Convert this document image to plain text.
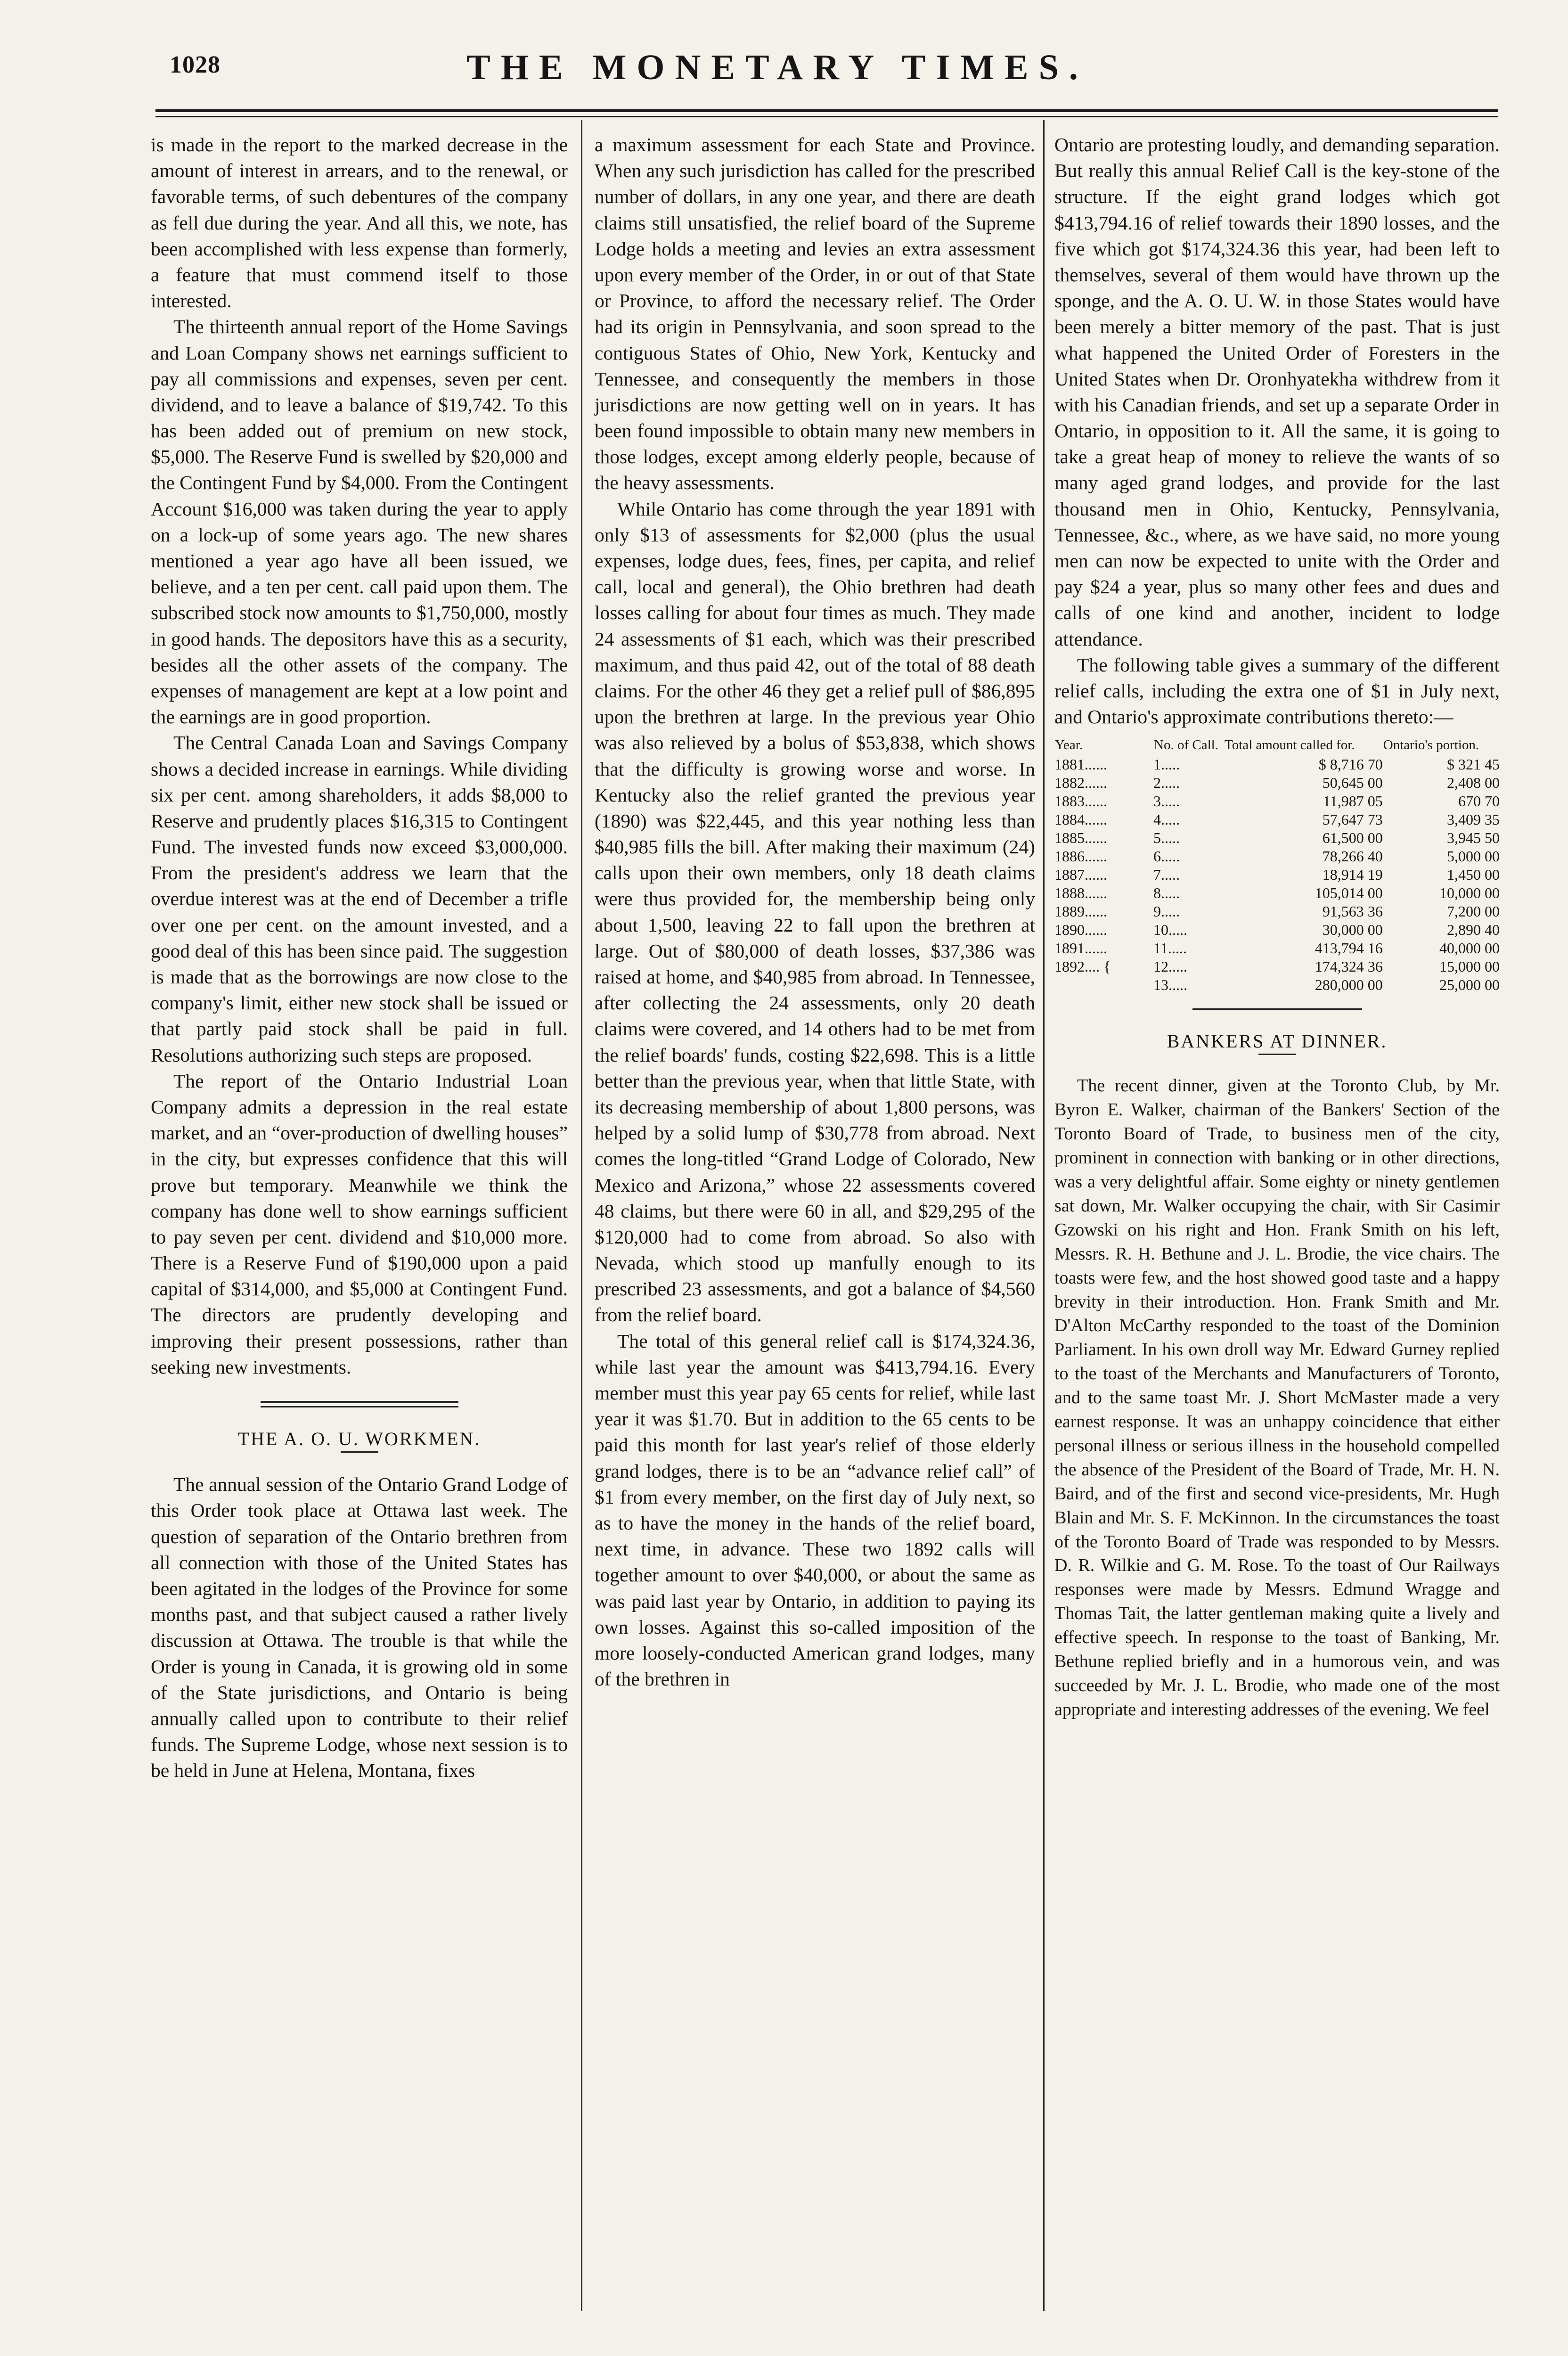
1028	THE MONETARY TIMES.

is made in the report to the marked decrease in the amount of interest in arrears, and to the renewal, or favorable terms, of such debentures of the company as fell due during the year. And all this, we note, has been accomplished with less expense than formerly, a feature that must commend itself to those interested.

The thirteenth annual report of the Home Savings and Loan Company shows net earnings sufficient to pay all commissions and expenses, seven per cent. dividend, and to leave a balance of $19,742. To this has been added out of premium on new stock, $5,000. The Reserve Fund is swelled by $20,000 and the Contingent Fund by $4,000. From the Contingent Account $16,000 was taken during the year to apply on a lock-up of some years ago. The new shares mentioned a year ago have all been issued, we believe, and a ten per cent. call paid upon them. The subscribed stock now amounts to $1,750,000, mostly in good hands. The depositors have this as a security, besides all the other assets of the company. The expenses of management are kept at a low point and the earnings are in good proportion.

The Central Canada Loan and Savings Company shows a decided increase in earnings. While dividing six per cent. among shareholders, it adds $8,000 to Reserve and prudently places $16,315 to Contingent Fund. The invested funds now exceed $3,000,000. From the president's address we learn that the overdue interest was at the end of December a trifle over one per cent. on the amount invested, and a good deal of this has been since paid. The suggestion is made that as the borrowings are now close to the company's limit, either new stock shall be issued or that partly paid stock shall be paid in full. Resolutions authorizing such steps are proposed.

The report of the Ontario Industrial Loan Company admits a depression in the real estate market, and an “over-production of dwelling houses” in the city, but expresses confidence that this will prove but temporary. Meanwhile we think the company has done well to show earnings sufficient to pay seven per cent. dividend and $10,000 more. There is a Reserve Fund of $190,000 upon a paid capital of $314,000, and $5,000 at Contingent Fund. The directors are prudently developing and improving their present possessions, rather than seeking new investments.

THE A. O. U. WORKMEN.

The annual session of the Ontario Grand Lodge of this Order took place at Ottawa last week. The question of separation of the Ontario brethren from all connection with those of the United States has been agitated in the lodges of the Province for some months past, and that subject caused a rather lively discussion at Ottawa. The trouble is that while the Order is young in Canada, it is growing old in some of the State jurisdictions, and Ontario is being annually called upon to contribute to their relief funds. The Supreme Lodge, whose next session is to be held in June at Helena, Montana, fixes

a maximum assessment for each State and Province. When any such jurisdiction has called for the prescribed number of dollars, in any one year, and there are death claims still unsatisfied, the relief board of the Supreme Lodge holds a meeting and levies an extra assessment upon every member of the Order, in or out of that State or Province, to afford the necessary relief. The Order had its origin in Pennsylvania, and soon spread to the contiguous States of Ohio, New York, Kentucky and Tennessee, and consequently the members in those jurisdictions are now getting well on in years. It has been found impossible to obtain many new members in those lodges, except among elderly people, because of the heavy assessments.

While Ontario has come through the year 1891 with only $13 of assessments for $2,000 (plus the usual expenses, lodge dues, fees, fines, per capita, and relief call, local and general), the Ohio brethren had death losses calling for about four times as much. They made 24 assessments of $1 each, which was their prescribed maximum, and thus paid 42, out of the total of 88 death claims. For the other 46 they get a relief pull of $86,895 upon the brethren at large. In the previous year Ohio was also relieved by a bolus of $53,838, which shows that the difficulty is growing worse and worse. In Kentucky also the relief granted the previous year (1890) was $22,445, and this year nothing less than $40,985 fills the bill. After making their maximum (24) calls upon their own members, only 18 death claims were thus provided for, the membership being only about 1,500, leaving 22 to fall upon the brethren at large. Out of $80,000 of death losses, $37,386 was raised at home, and $40,985 from abroad. In Tennessee, after collecting the 24 assessments, only 20 death claims were covered, and 14 others had to be met from the relief boards' funds, costing $22,698. This is a little better than the previous year, when that little State, with its decreasing membership of about 1,800 persons, was helped by a solid lump of $30,778 from abroad. Next comes the long-titled “Grand Lodge of Colorado, New Mexico and Arizona,” whose 22 assessments covered 48 claims, but there were 60 in all, and $29,295 of the $120,000 had to come from abroad. So also with Nevada, which stood up manfully enough to its prescribed 23 assessments, and got a balance of $4,560 from the relief board.

The total of this general relief call is $174,324.36, while last year the amount was $413,794.16. Every member must this year pay 65 cents for relief, while last year it was $1.70. But in addition to the 65 cents to be paid this month for last year's relief of those elderly grand lodges, there is to be an “advance relief call” of $1 from every member, on the first day of July next, so as to have the money in the hands of the relief board, next time, in advance. These two 1892 calls will together amount to over $40,000, or about the same as was paid last year by Ontario, in addition to paying its own losses. Against this so-called imposition of the more loosely-conducted American grand lodges, many of the brethren in

Ontario are protesting loudly, and demanding separation. But really this annual Relief Call is the key-stone of the structure. If the eight grand lodges which got $413,794.16 of relief towards their 1890 losses, and the five which got $174,324.36 this year, had been left to themselves, several of them would have thrown up the sponge, and the A. O. U. W. in those States would have been merely a bitter memory of the past. That is just what happened the United Order of Foresters in the United States when Dr. Oronhyatekha withdrew from it with his Canadian friends, and set up a separate Order in Ontario, in opposition to it. All the same, it is going to take a great heap of money to relieve the wants of so many aged grand lodges, and provide for the last thousand men in Ohio, Kentucky, Pennsylvania, Tennessee, &c., where, as we have said, no more young men can now be expected to unite with the Order and pay $24 a year, plus so many other fees and dues and calls of one kind and another, incident to lodge attendance.

The following table gives a summary of the different relief calls, including the extra one of $1 in July next, and Ontario's approximate contributions thereto:—

Year.	No. of Call.	Total amount called for.	Ontario's portion.
1881......	1.....	$ 8,716 70	$ 321 45
1882......	2.....	50,645 00	2,408 00
1883......	3.....	11,987 05	670 70
1884......	4.....	57,647 73	3,409 35
1885......	5.....	61,500 00	3,945 50
1886......	6.....	78,266 40	5,000 00
1887......	7.....	18,914 19	1,450 00
1888......	8.....	105,014 00	10,000 00
1889......	9.....	91,563 36	7,200 00
1890......	10.....	30,000 00	2,890 40
1891......	11.....	413,794 16	40,000 00
1892.... {	12.....	174,324 36	15,000 00
	13.....	280,000 00	25,000 00

BANKERS AT DINNER.

The recent dinner, given at the Toronto Club, by Mr. Byron E. Walker, chairman of the Bankers' Section of the Toronto Board of Trade, to business men of the city, prominent in connection with banking or in other directions, was a very delightful affair. Some eighty or ninety gentlemen sat down, Mr. Walker occupying the chair, with Sir Casimir Gzowski on his right and Hon. Frank Smith on his left, Messrs. R. H. Bethune and J. L. Brodie, the vice chairs. The toasts were few, and the host showed good taste and a happy brevity in their introduction. Hon. Frank Smith and Mr. D'Alton McCarthy responded to the toast of the Dominion Parliament. In his own droll way Mr. Edward Gurney replied to the toast of the Merchants and Manufacturers of Toronto, and to the same toast Mr. J. Short McMaster made a very earnest response. It was an unhappy coincidence that either personal illness or serious illness in the household compelled the absence of the President of the Board of Trade, Mr. H. N. Baird, and of the first and second vice-presidents, Mr. Hugh Blain and Mr. S. F. McKinnon. In the circumstances the toast of the Toronto Board of Trade was responded to by Messrs. D. R. Wilkie and G. M. Rose. To the toast of Our Railways responses were made by Messrs. Edmund Wragge and Thomas Tait, the latter gentleman making quite a lively and effective speech. In response to the toast of Banking, Mr. Bethune replied briefly and in a humorous vein, and was succeeded by Mr. J. L. Brodie, who made one of the most appropriate and interesting addresses of the evening. We feel
